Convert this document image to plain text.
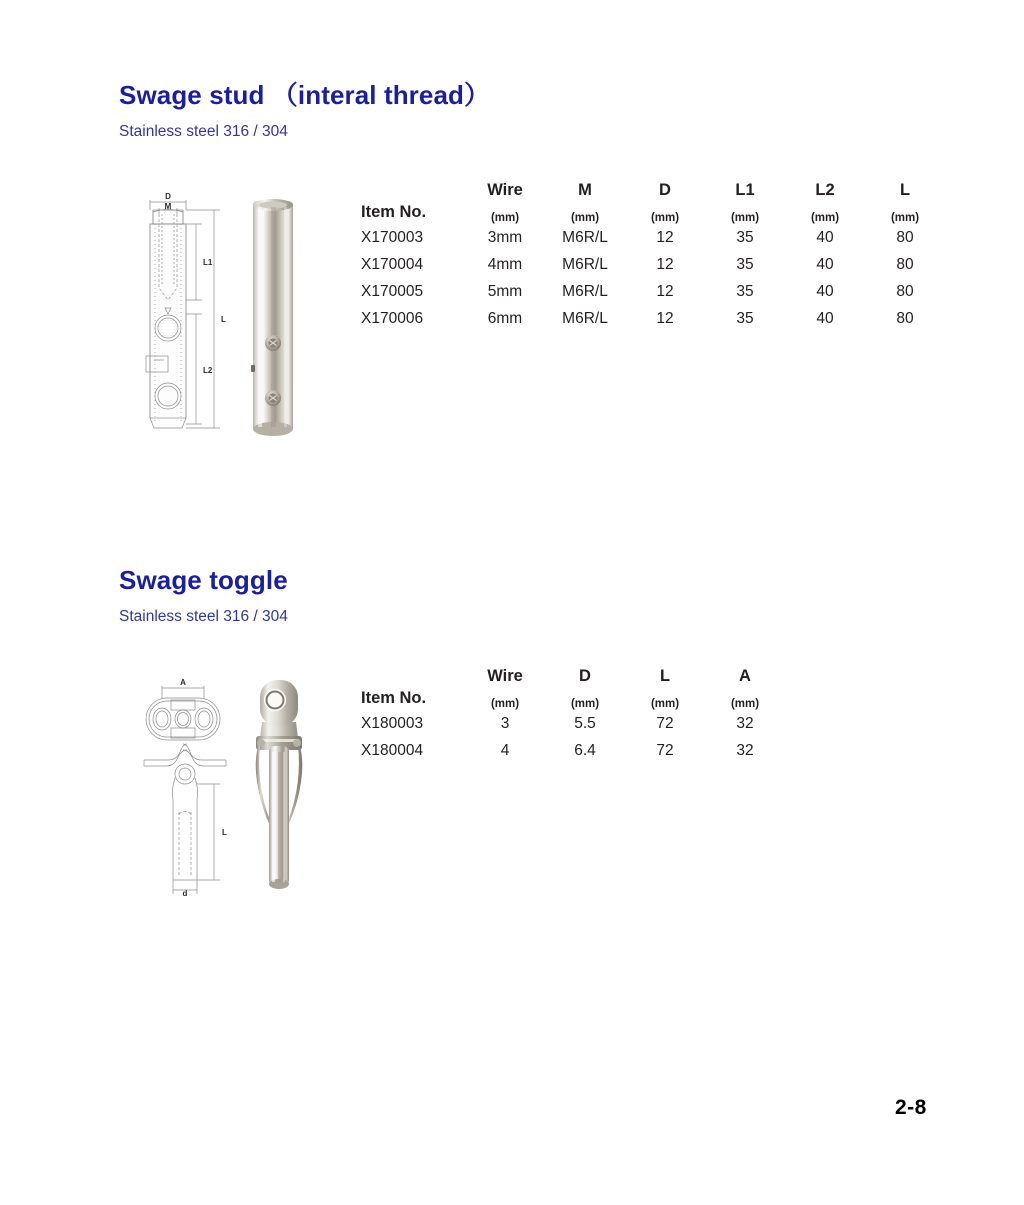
Swage stud （interal thread）
Stainless steel 316 / 304
D
M
L1
L2
L
Item No.	Wire	M	D	L1	L2	L

	(mm)	(mm)	(mm)	(mm)	(mm)	(mm)

X170003	3mm	M6R/L	12	35	40	80
X170004	4mm	M6R/L	12	35	40	80
X170005	5mm	M6R/L	12	35	40	80
X170006	6mm	M6R/L	12	35	40	80
Swage toggle
Stainless steel 316 / 304
A
L
d
Item No.	Wire	D	L	A

	(mm)	(mm)	(mm)	(mm)

X180003	3	5.5	72	32
X180004	4	6.4	72	32
2-8
